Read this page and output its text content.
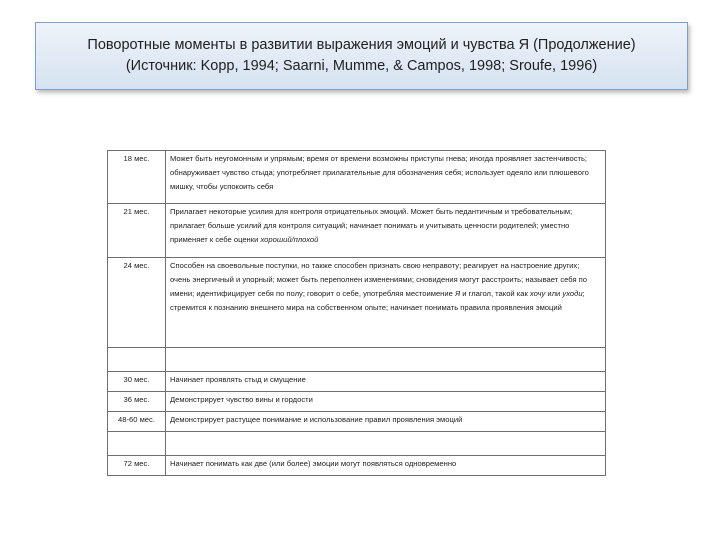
Поворотные моменты в развитии выражения эмоций и чувства Я (Продолжение)
(Источник: Kopp, 1994; Saarni, Mumme, & Campos, 1998; Sroufe, 1996)
18 мес.	Может быть неугомонным и упрямым; время от времени возможны приступы гнева; иногда проявляет застенчивость; обнаруживает чувство стыда; употребляет прилагательные для обозначения себя; использует одеяло или плюшевого мишку, чтобы успокоить себя
21 мес.	Прилагает некоторые усилия для контроля отрицательных эмоций. Может быть педантичным и требовательным; прилагает больше усилий для контроля ситуаций; начинает понимать и учитывать ценности родителей; уместно применяет к себе оценки хороший/плохой
24 мес.	Способен на своевольные поступки, но также способен признать свою неправоту; реагирует на настроение других; очень энергичный и упорный; может быть переполнен изменениями; сновидения могут расстроить; называет себя по имени; идентифицирует себя по полу; говорит о себе, употребляя местоимение Я и глагол, такой как хочу или уходи; стремится к познанию внешнего мира на собственном опыте; начинает понимать правила проявления эмоций

30 мес.	Начинает проявлять стыд и смущение
36 мес.	Демонстрирует чувство вины и гордости
48-60 мес.	Демонстрирует растущее понимание и использование правил проявления эмоций

72 мес.	Начинает понимать как две (или более) эмоции могут появляться одновременно
